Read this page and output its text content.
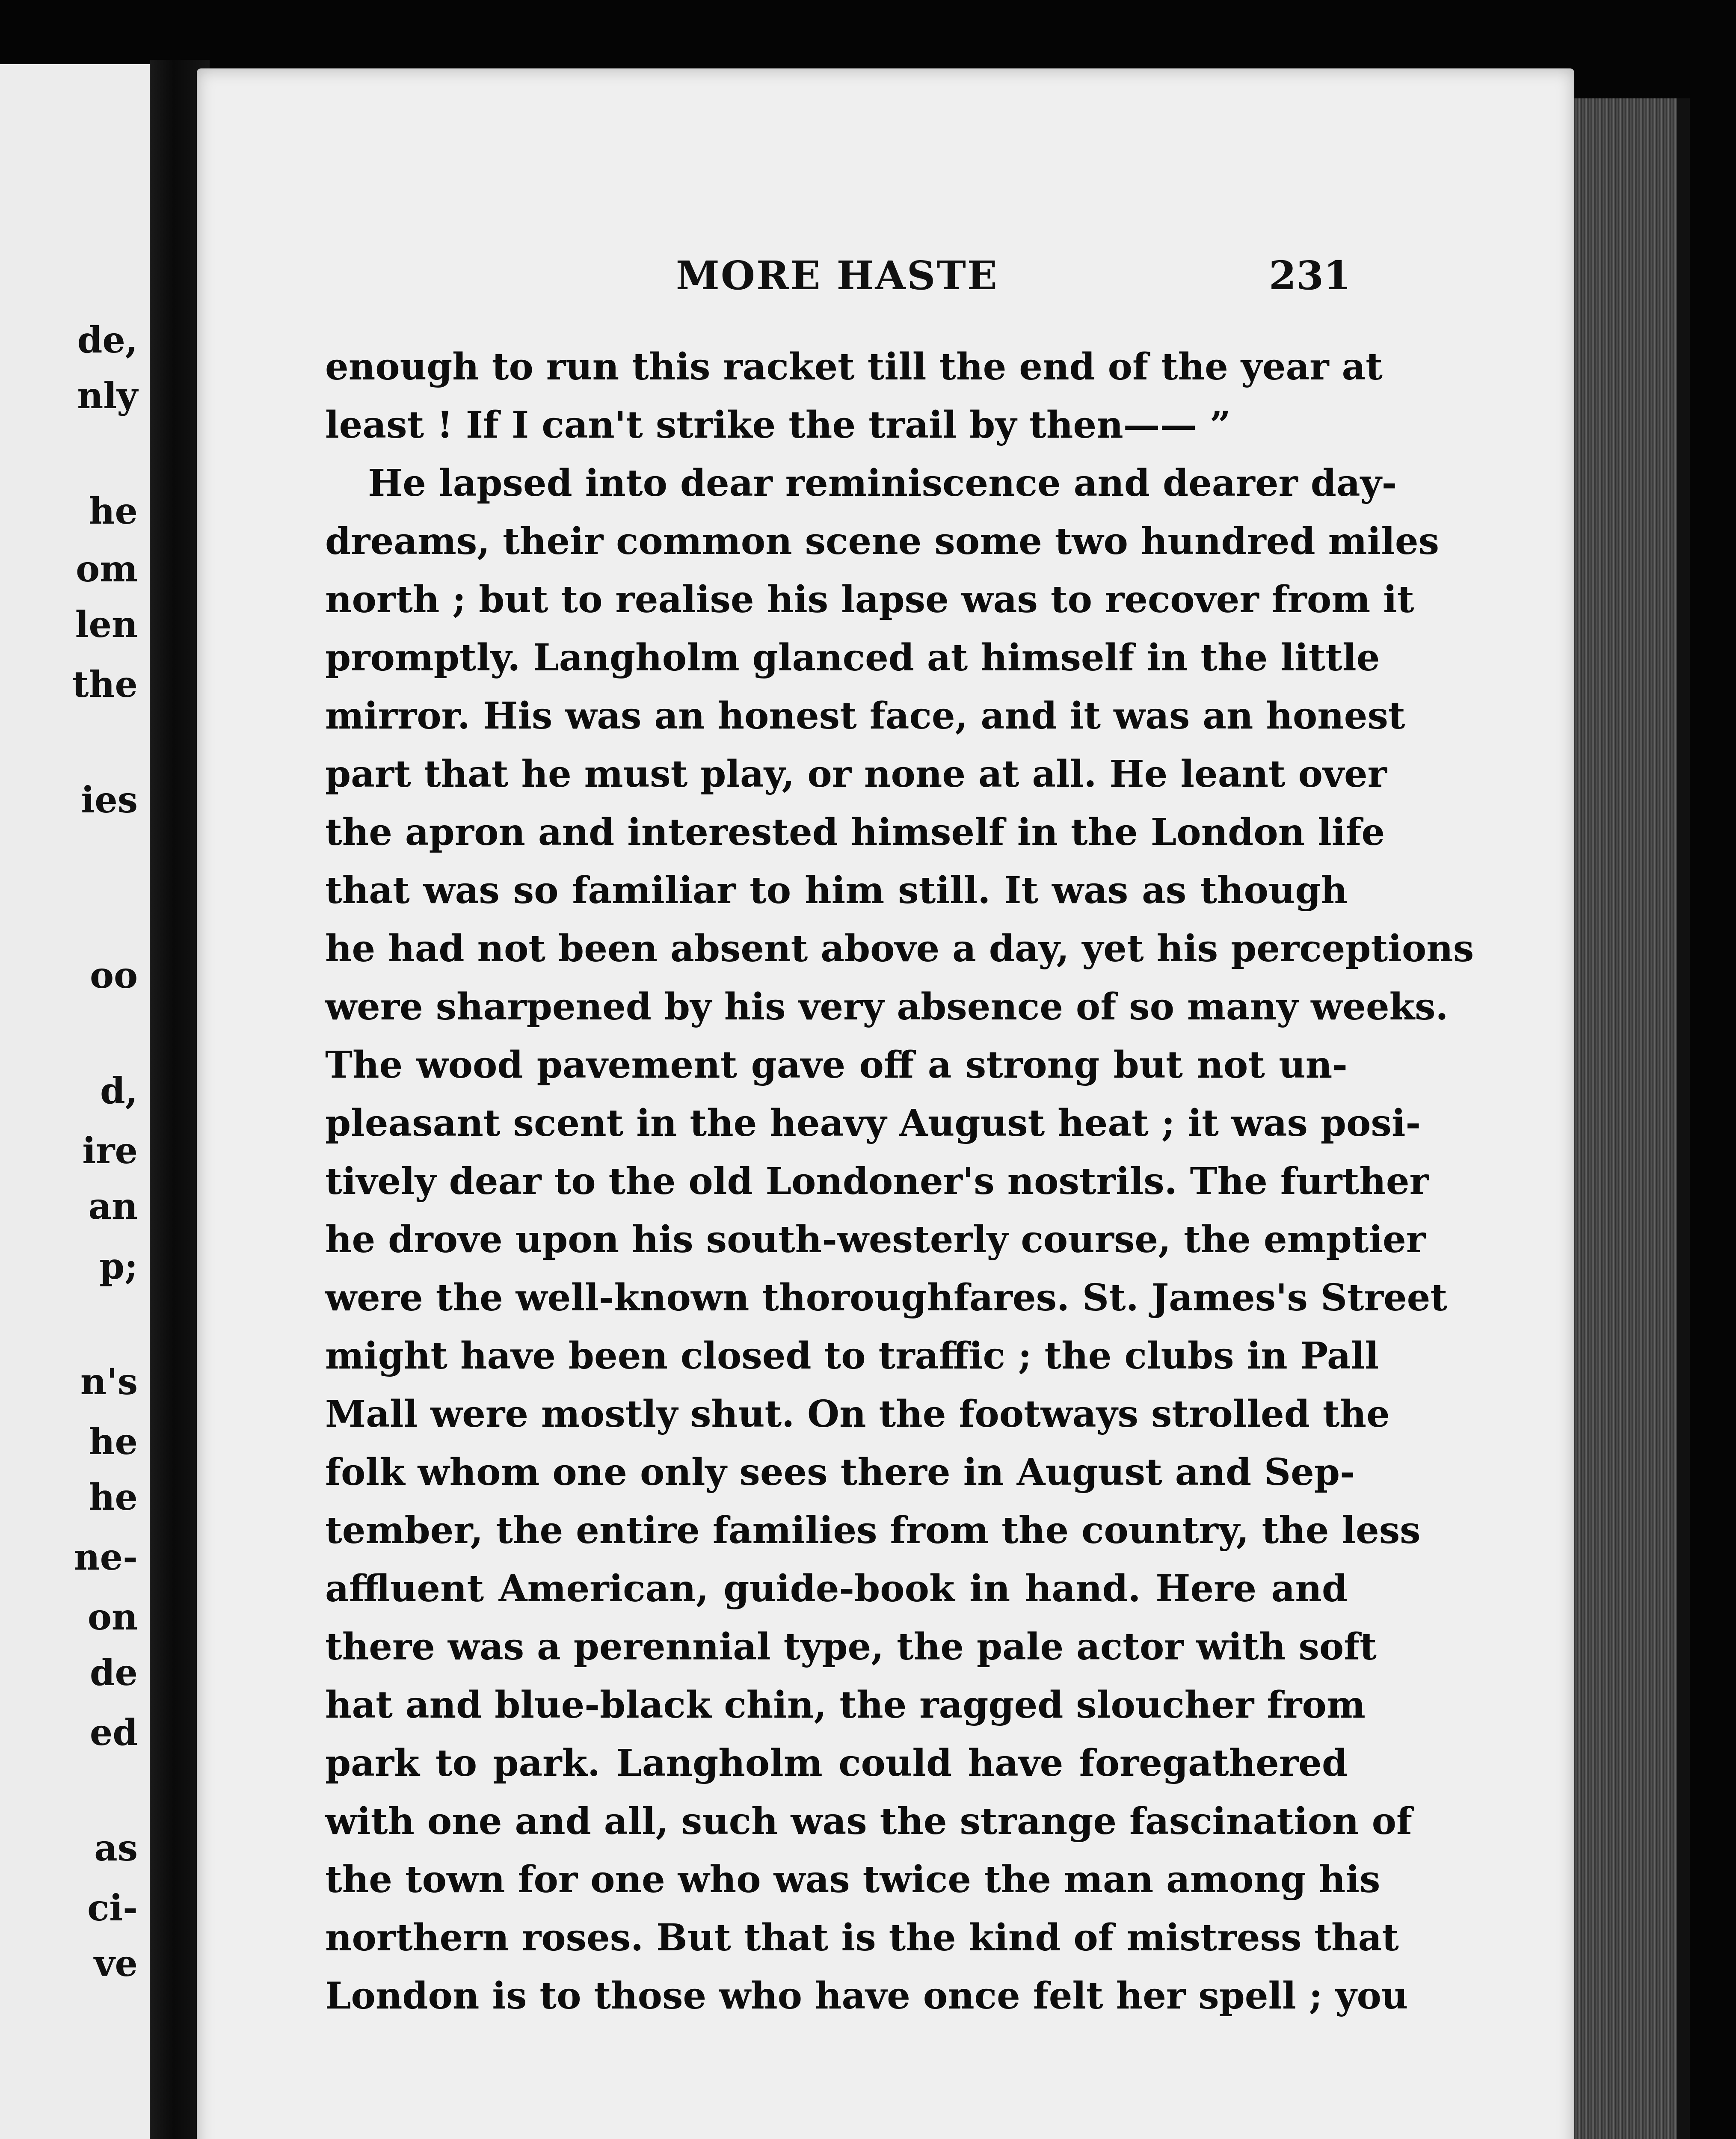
de,
nly
he
om
len
the
ies
oo
d,
ire
an
p;
n's
he
he
ne-
on
de
ed
as
ci-
ve
MORE HASTE	231
enough to run this racket till the end of the year at
least ! If I can't strike the trail by then—— ”
He lapsed into dear reminiscence and dearer day-
dreams, their common scene some two hundred miles
north ; but to realise his lapse was to recover from it
promptly. Langholm glanced at himself in the little
mirror. His was an honest face, and it was an honest
part that he must play, or none at all. He leant over
the apron and interested himself in the London life
that was so familiar to him still. It was as though
he had not been absent above a day, yet his perceptions
were sharpened by his very absence of so many weeks.
The wood pavement gave off a strong but not un-
pleasant scent in the heavy August heat ; it was posi-
tively dear to the old Londoner's nostrils. The further
he drove upon his south-westerly course, the emptier
were the well-known thoroughfares. St. James's Street
might have been closed to traffic ; the clubs in Pall
Mall were mostly shut. On the footways strolled the
folk whom one only sees there in August and Sep-
tember, the entire families from the country, the less
affluent American, guide-book in hand. Here and
there was a perennial type, the pale actor with soft
hat and blue-black chin, the ragged sloucher from
park to park. Langholm could have foregathered
with one and all, such was the strange fascination of
the town for one who was twice the man among his
northern roses. But that is the kind of mistress that
London is to those who have once felt her spell ; you
